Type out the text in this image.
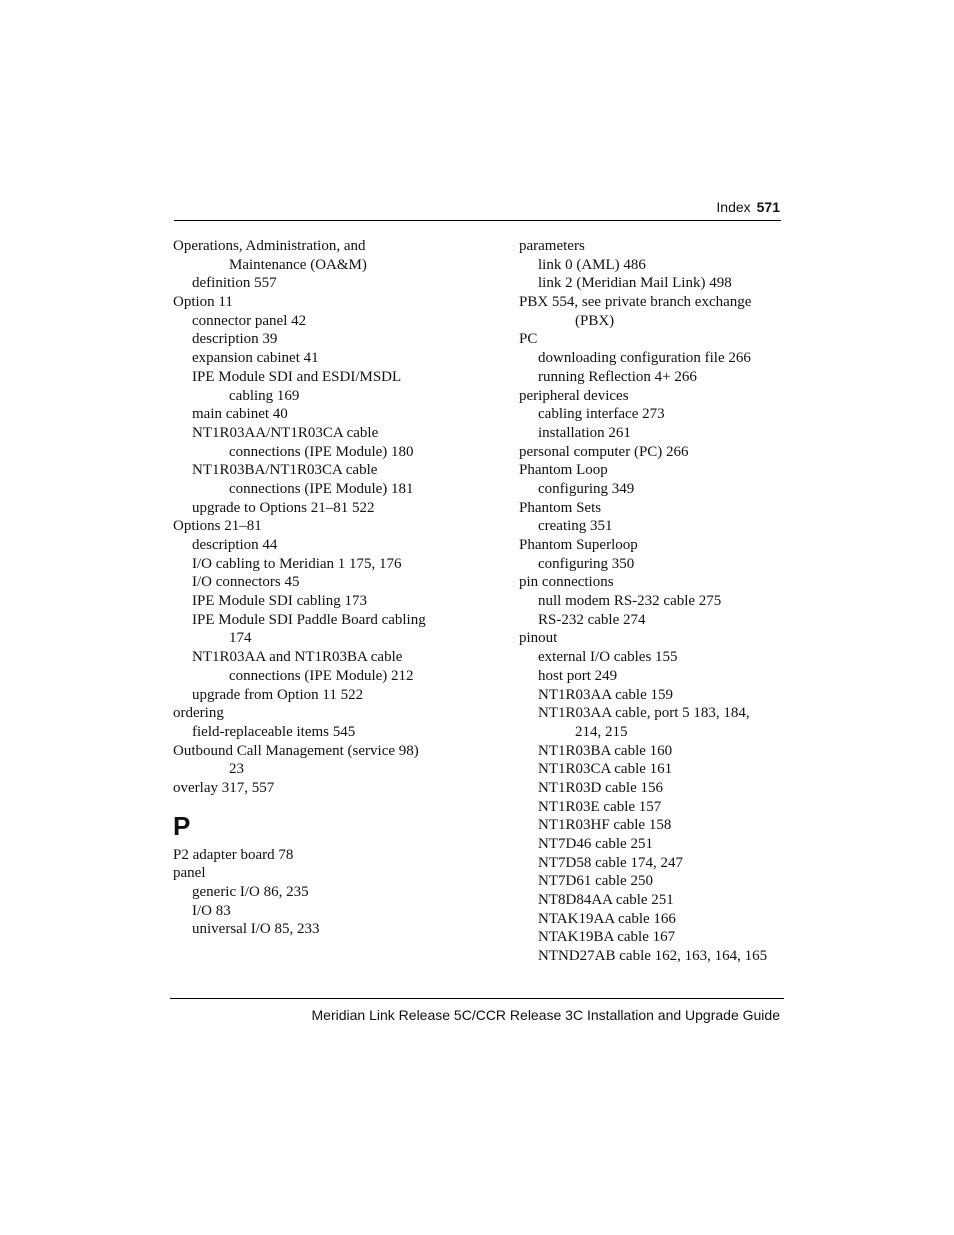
Index 571
Operations, Administration, and
Maintenance (OA&M)
definition 557
Option 11
connector panel 42
description 39
expansion cabinet 41
IPE Module SDI and ESDI/MSDL
cabling 169
main cabinet 40
NT1R03AA/NT1R03CA cable
connections (IPE Module) 180
NT1R03BA/NT1R03CA cable
connections (IPE Module) 181
upgrade to Options 21–81 522
Options 21–81
description 44
I/O cabling to Meridian 1 175, 176
I/O connectors 45
IPE Module SDI cabling 173
IPE Module SDI Paddle Board cabling
174
NT1R03AA and NT1R03BA cable
connections (IPE Module) 212
upgrade from Option 11 522
ordering
field-replaceable items 545
Outbound Call Management (service 98)
23
overlay 317, 557
P
P2 adapter board 78
panel
generic I/O 86, 235
I/O 83
universal I/O 85, 233
parameters
link 0 (AML) 486
link 2 (Meridian Mail Link) 498
PBX 554, see private branch exchange
(PBX)
PC
downloading configuration file 266
running Reflection 4+ 266
peripheral devices
cabling interface 273
installation 261
personal computer (PC) 266
Phantom Loop
configuring 349
Phantom Sets
creating 351
Phantom Superloop
configuring 350
pin connections
null modem RS-232 cable 275
RS-232 cable 274
pinout
external I/O cables 155
host port 249
NT1R03AA cable 159
NT1R03AA cable, port 5 183, 184,
214, 215
NT1R03BA cable 160
NT1R03CA cable 161
NT1R03D cable 156
NT1R03E cable 157
NT1R03HF cable 158
NT7D46 cable 251
NT7D58 cable 174, 247
NT7D61 cable 250
NT8D84AA cable 251
NTAK19AA cable 166
NTAK19BA cable 167
NTND27AB cable 162, 163, 164, 165
Meridian Link Release 5C/CCR Release 3C Installation and Upgrade Guide
